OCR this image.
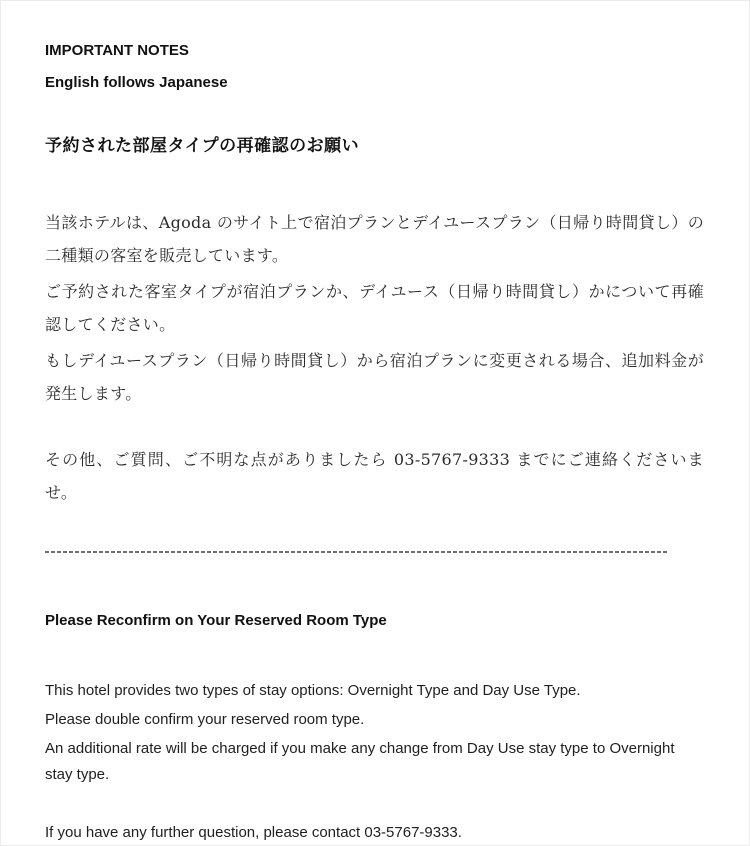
IMPORTANT NOTES

English follows Japanese

予約された部屋タイプの再確認のお願い

当該ホテルは、Agoda のサイト上で宿泊プランとデイユースプラン（日帰り時間貸し）の二種類の客室を販売しています。

ご予約された客室タイプが宿泊プランか、デイユース（日帰り時間貸し）かについて再確認してください。

もしデイユースプラン（日帰り時間貸し）から宿泊プランに変更される場合、追加料金が発生します。

その他、ご質問、ご不明な点がありましたら 03-5767-9333 までにご連絡くださいませ。

Please Reconfirm on Your Reserved Room Type

This hotel provides two types of stay options: Overnight Type and Day Use Type.

Please double confirm your reserved room type.

An additional rate will be charged if you make any change from Day Use stay type to Overnight stay type.

If you have any further question, please contact 03-5767-9333.
